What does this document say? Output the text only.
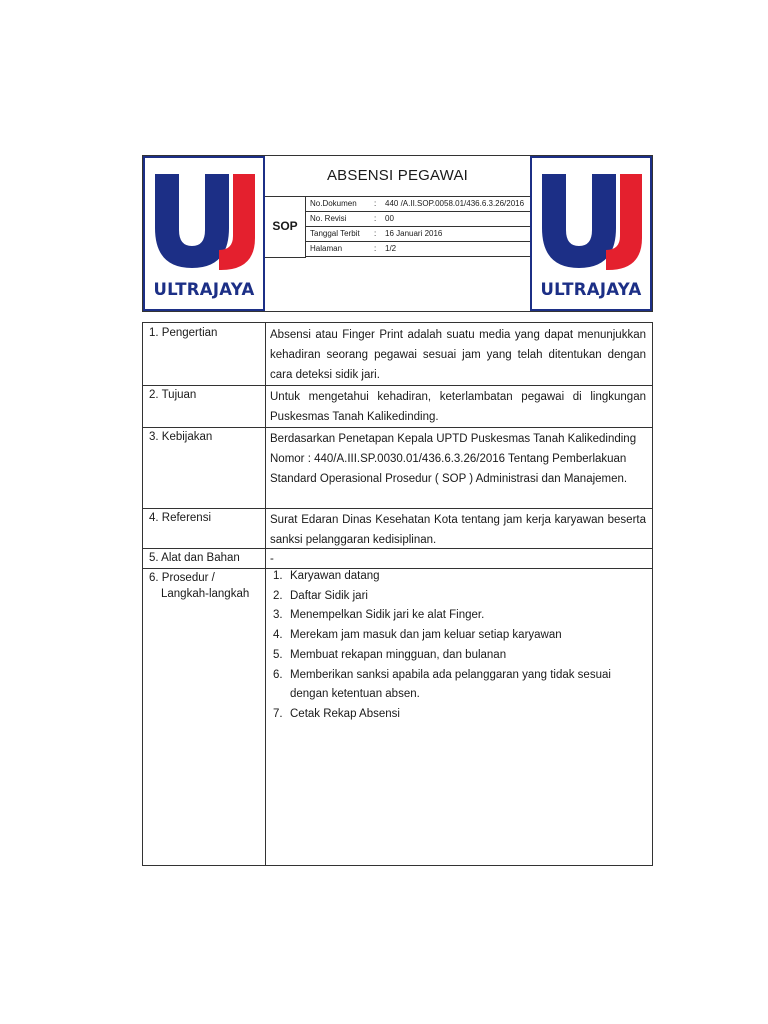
ULTRAJAYA
ABSENSI PEGAWAI
SOP
No.Dokumen : 440 /A.II.SOP.0058.01/436.6.3.26/2016
No. Revisi	: 00
Tanggal Terbit : 16 Januari 2016
Halaman	: 1/2
ULTRAJAYA
1. Pengertian	Absensi atau Finger Print adalah suatu media yang dapat menunjukkan kehadiran seorang pegawai sesuai jam yang telah ditentukan dengan cara deteksi sidik jari.
2. Tujuan	Untuk mengetahui kehadiran, keterlambatan pegawai di lingkungan Puskesmas Tanah Kalikedinding.
3. Kebijakan	Berdasarkan Penetapan Kepala UPTD Puskesmas Tanah Kalikedinding Nomor : 440/A.III.SP.0030.01/436.6.3.26/2016 Tentang Pemberlakuan Standard Operasional Prosedur ( SOP ) Administrasi dan Manajemen.
4. Referensi	Surat Edaran Dinas Kesehatan Kota tentang jam kerja karyawan beserta sanksi pelanggaran kedisiplinan.
5. Alat dan Bahan	-
6. Prosedur /
Langkah-langkah
1. Karyawan datang
2. Daftar Sidik jari
3. Menempelkan Sidik jari ke alat Finger.
4. Merekam jam masuk dan jam keluar setiap karyawan
5. Membuat rekapan mingguan, dan bulanan
6. Memberikan sanksi apabila ada pelanggaran yang tidak sesuai dengan ketentuan absen.
7. Cetak Rekap Absensi
